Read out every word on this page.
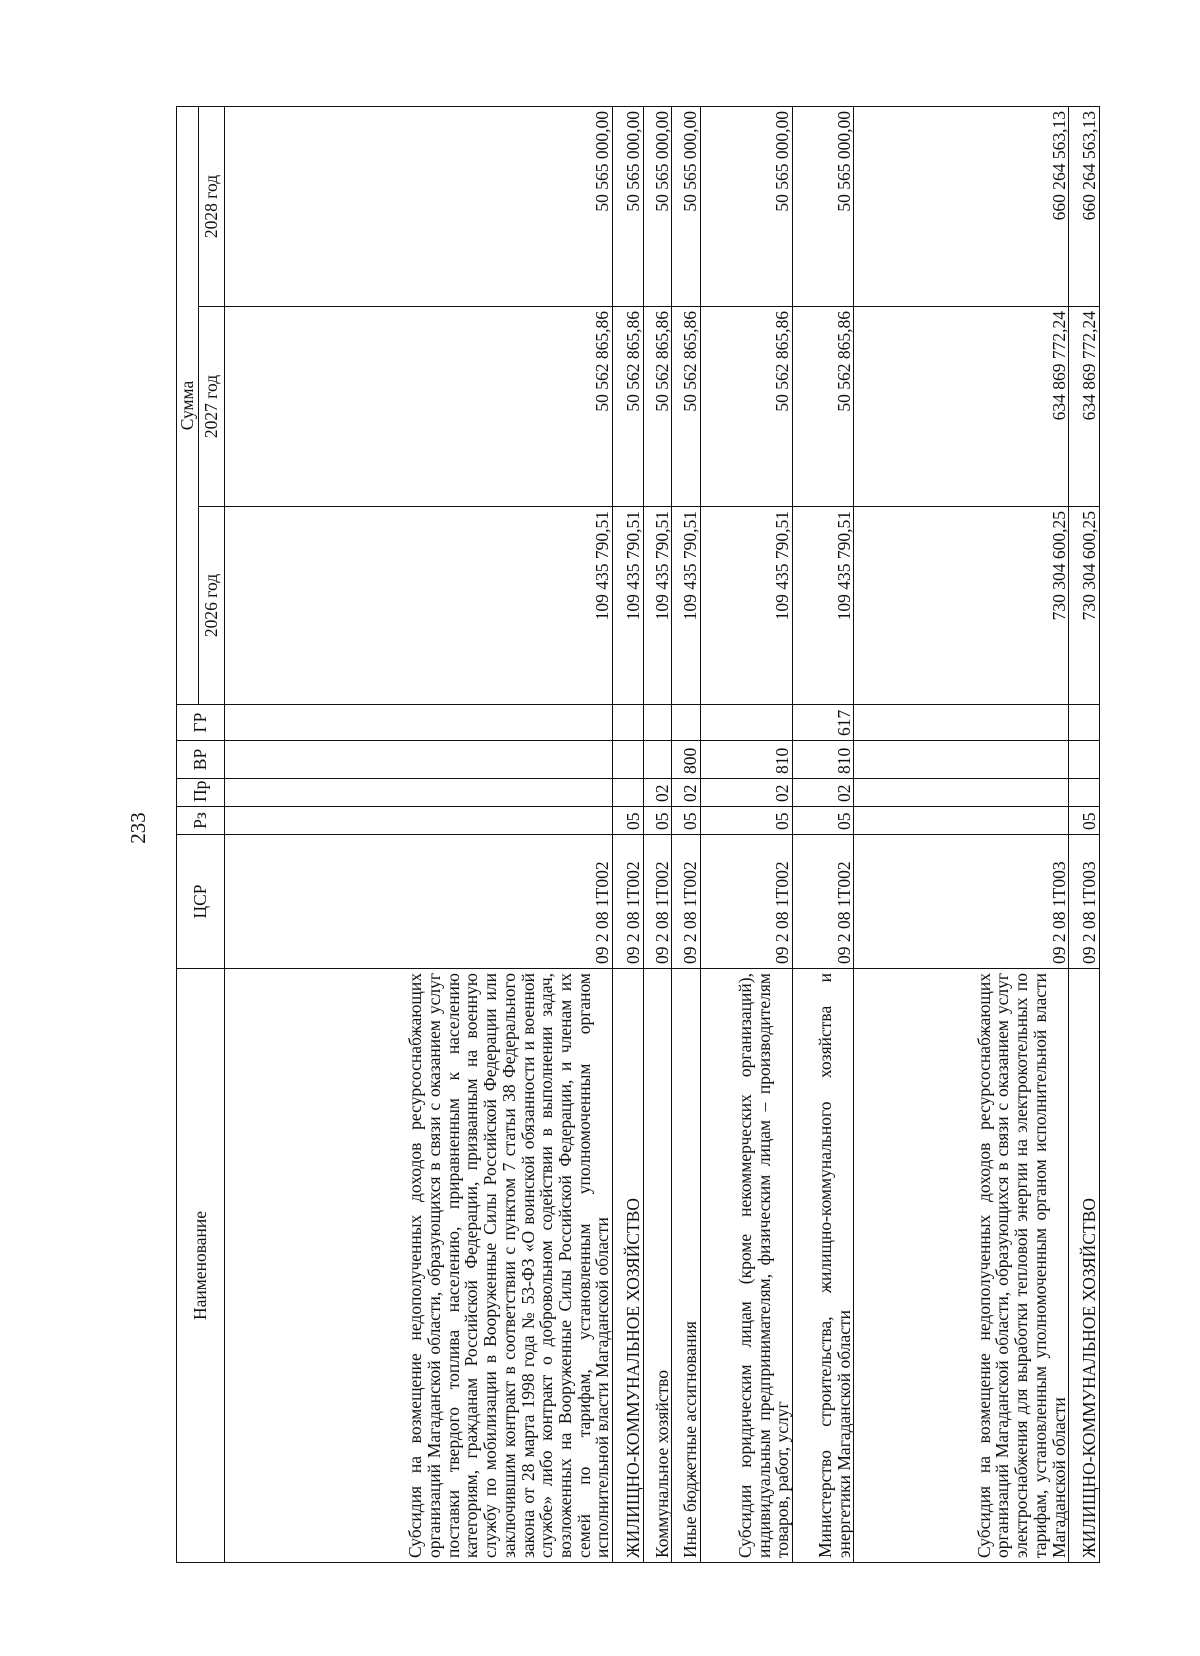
233
Наименование	ЦСР	Рз	Пр	ВР	ГР	Сумма		
						2026 год	2027 год	2028 год
Субсидия на возмещение недополученных доходов ресурсоснабжающих организаций Магаданской области, образующихся в связи с оказанием услуг поставки твердого топлива населению, приравненным к населению категориям, гражданам Российской Федерации, призванным на военную службу по мобилизации в Вооруженные Силы Российской Федерации или заключившим контракт в соответствии с пунктом 7 статьи 38 Федерального закона от 28 марта 1998 года № 53-ФЗ «О воинской обязанности и военной службе» либо контракт о добровольном содействии в выполнении задач, возложенных на Вооруженные Силы Российской Федерации, и членам их семей по тарифам, установленным уполномоченным органом исполнительной власти Магаданской области	09 2 08 1Т002					109 435 790,51	50 562 865,86	50 565 000,00
ЖИЛИЩНО-КОММУНАЛЬНОЕ ХОЗЯЙСТВО	09 2 08 1Т002	05				109 435 790,51	50 562 865,86	50 565 000,00
Коммунальное хозяйство	09 2 08 1Т002	05	02			109 435 790,51	50 562 865,86	50 565 000,00
Иные бюджетные ассигнования	09 2 08 1Т002	05	02	800		109 435 790,51	50 562 865,86	50 565 000,00
Субсидии юридическим лицам (кроме некоммерческих организаций), индивидуальным предпринимателям, физическим лицам – производителям товаров, работ, услуг	09 2 08 1Т002	05	02	810		109 435 790,51	50 562 865,86	50 565 000,00
Министерство строительства, жилищно-коммунального хозяйства и энергетики Магаданской области	09 2 08 1Т002	05	02	810	617	109 435 790,51	50 562 865,86	50 565 000,00
Субсидия на возмещение недополученных доходов ресурсоснабжающих организаций Магаданской области, образующихся в связи с оказанием услуг электроснабжения для выработки тепловой энергии на электрокотельных по тарифам, установленным уполномоченным органом исполнительной власти Магаданской области	09 2 08 1Т003					730 304 600,25	634 869 772,24	660 264 563,13
ЖИЛИЩНО-КОММУНАЛЬНОЕ ХОЗЯЙСТВО	09 2 08 1Т003	05				730 304 600,25	634 869 772,24	660 264 563,13
